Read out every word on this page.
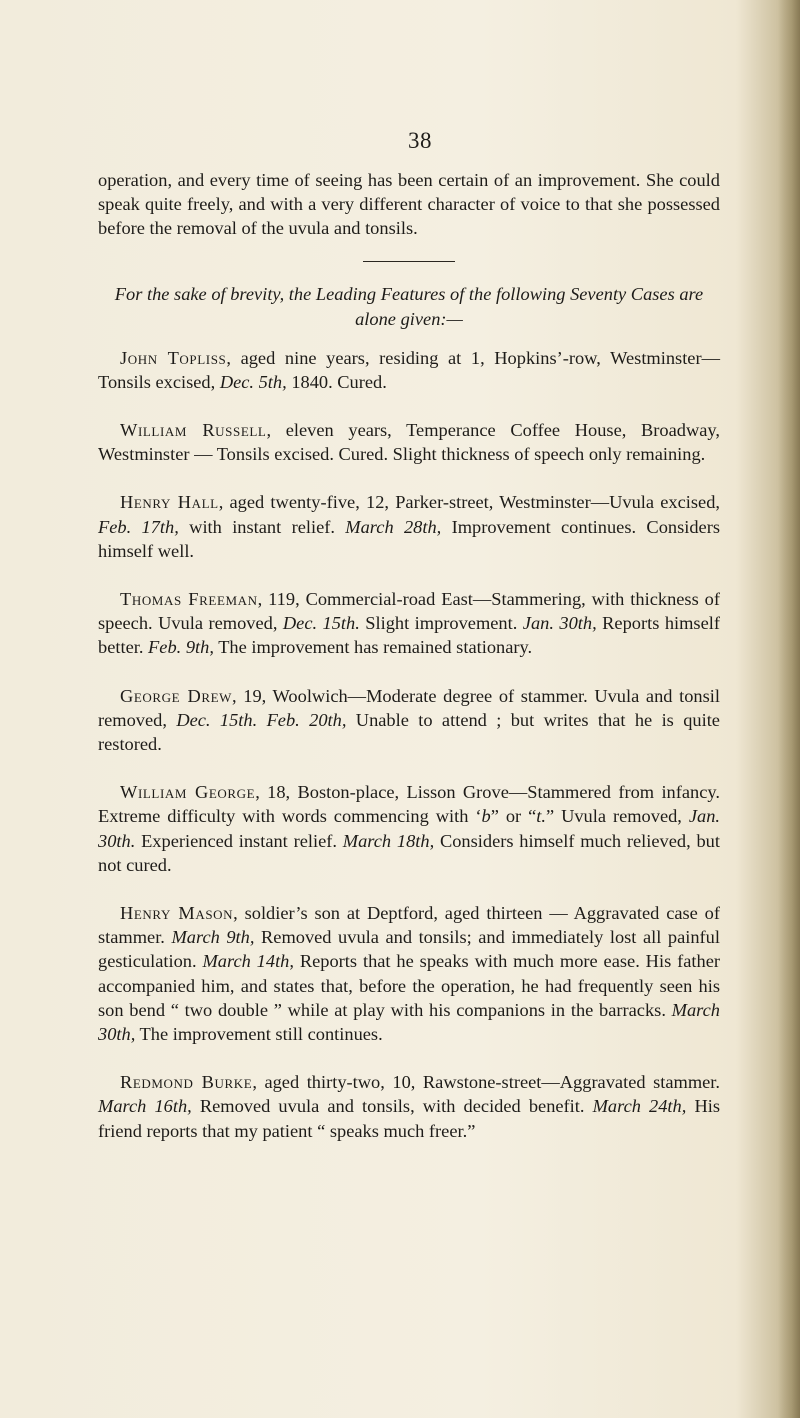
38

operation, and every time of seeing has been certain of an improvement. She could speak quite freely, and with a very different character of voice to that she possessed before the removal of the uvula and tonsils.

For the sake of brevity, the Leading Features of the following Seventy Cases are alone given:—

John Topliss, aged nine years, residing at 1, Hopkins’-row, Westminster—Tonsils excised, Dec. 5th, 1840. Cured.

William Russell, eleven years, Temperance Coffee House, Broadway, Westminster — Tonsils excised. Cured. Slight thickness of speech only remaining.

Henry Hall, aged twenty-five, 12, Parker-street, Westminster—Uvula excised, Feb. 17th, with instant relief. March 28th, Improvement continues. Considers himself well.

Thomas Freeman, 119, Commercial-road East—Stammering, with thickness of speech. Uvula removed, Dec. 15th. Slight improvement. Jan. 30th, Reports himself better. Feb. 9th, The improvement has remained stationary.

George Drew, 19, Woolwich—Moderate degree of stammer. Uvula and tonsil removed, Dec. 15th. Feb. 20th, Unable to attend ; but writes that he is quite restored.

William George, 18, Boston-place, Lisson Grove—Stammered from infancy. Extreme difficulty with words commencing with ‘b” or “t.” Uvula removed, Jan. 30th. Experienced instant relief. March 18th, Considers himself much relieved, but not cured.

Henry Mason, soldier’s son at Deptford, aged thirteen — Aggravated case of stammer. March 9th, Removed uvula and tonsils; and immediately lost all painful gesticulation. March 14th, Reports that he speaks with much more ease. His father accompanied him, and states that, before the operation, he had frequently seen his son bend “ two double ” while at play with his companions in the barracks. March 30th, The improvement still continues.

Redmond Burke, aged thirty-two, 10, Rawstone-street—Aggravated stammer. March 16th, Removed uvula and tonsils, with decided benefit. March 24th, His friend reports that my patient “ speaks much freer.”
